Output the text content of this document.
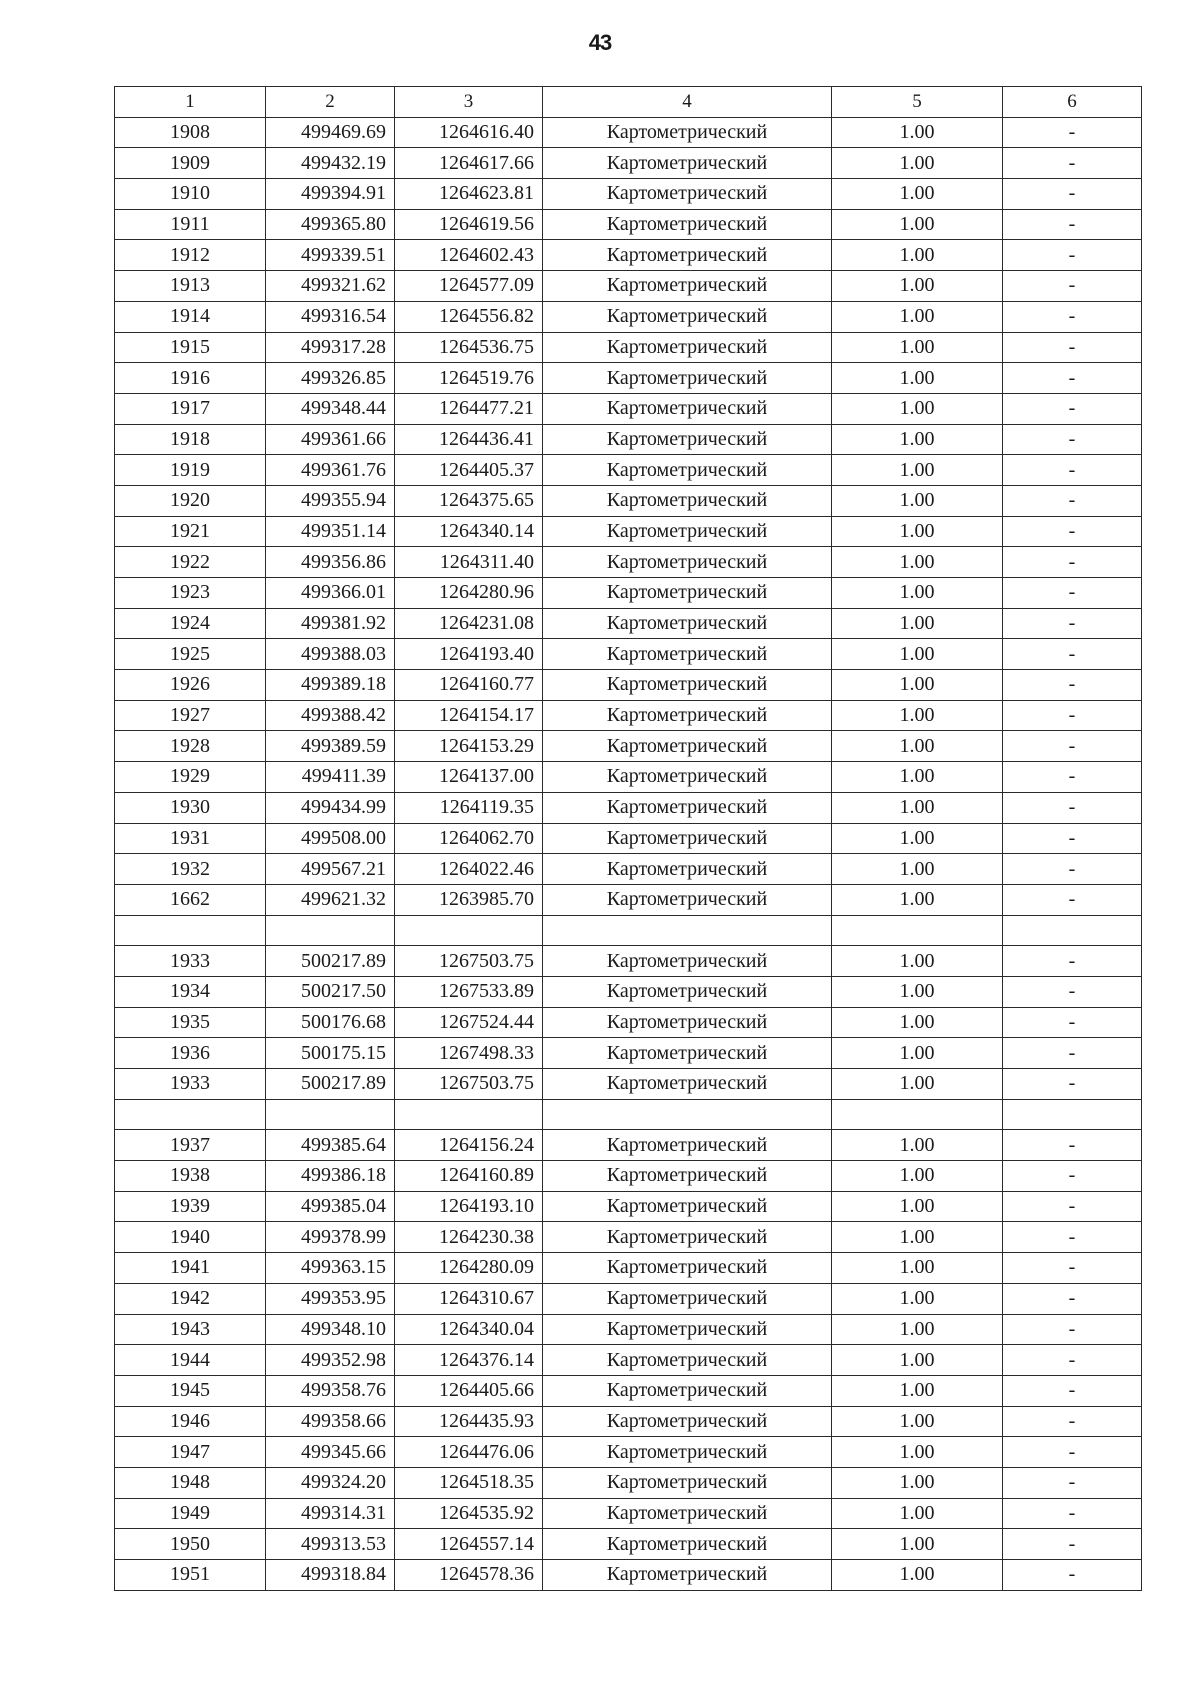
43
1	2	3	4	5	6
1908	499469.69	1264616.40	Картометрический	1.00	-
1909	499432.19	1264617.66	Картометрический	1.00	-
1910	499394.91	1264623.81	Картометрический	1.00	-
1911	499365.80	1264619.56	Картометрический	1.00	-
1912	499339.51	1264602.43	Картометрический	1.00	-
1913	499321.62	1264577.09	Картометрический	1.00	-
1914	499316.54	1264556.82	Картометрический	1.00	-
1915	499317.28	1264536.75	Картометрический	1.00	-
1916	499326.85	1264519.76	Картометрический	1.00	-
1917	499348.44	1264477.21	Картометрический	1.00	-
1918	499361.66	1264436.41	Картометрический	1.00	-
1919	499361.76	1264405.37	Картометрический	1.00	-
1920	499355.94	1264375.65	Картометрический	1.00	-
1921	499351.14	1264340.14	Картометрический	1.00	-
1922	499356.86	1264311.40	Картометрический	1.00	-
1923	499366.01	1264280.96	Картометрический	1.00	-
1924	499381.92	1264231.08	Картометрический	1.00	-
1925	499388.03	1264193.40	Картометрический	1.00	-
1926	499389.18	1264160.77	Картометрический	1.00	-
1927	499388.42	1264154.17	Картометрический	1.00	-
1928	499389.59	1264153.29	Картометрический	1.00	-
1929	499411.39	1264137.00	Картометрический	1.00	-
1930	499434.99	1264119.35	Картометрический	1.00	-
1931	499508.00	1264062.70	Картометрический	1.00	-
1932	499567.21	1264022.46	Картометрический	1.00	-
1662	499621.32	1263985.70	Картометрический	1.00	-

1933	500217.89	1267503.75	Картометрический	1.00	-
1934	500217.50	1267533.89	Картометрический	1.00	-
1935	500176.68	1267524.44	Картометрический	1.00	-
1936	500175.15	1267498.33	Картометрический	1.00	-
1933	500217.89	1267503.75	Картометрический	1.00	-

1937	499385.64	1264156.24	Картометрический	1.00	-
1938	499386.18	1264160.89	Картометрический	1.00	-
1939	499385.04	1264193.10	Картометрический	1.00	-
1940	499378.99	1264230.38	Картометрический	1.00	-
1941	499363.15	1264280.09	Картометрический	1.00	-
1942	499353.95	1264310.67	Картометрический	1.00	-
1943	499348.10	1264340.04	Картометрический	1.00	-
1944	499352.98	1264376.14	Картометрический	1.00	-
1945	499358.76	1264405.66	Картометрический	1.00	-
1946	499358.66	1264435.93	Картометрический	1.00	-
1947	499345.66	1264476.06	Картометрический	1.00	-
1948	499324.20	1264518.35	Картометрический	1.00	-
1949	499314.31	1264535.92	Картометрический	1.00	-
1950	499313.53	1264557.14	Картометрический	1.00	-
1951	499318.84	1264578.36	Картометрический	1.00	-
